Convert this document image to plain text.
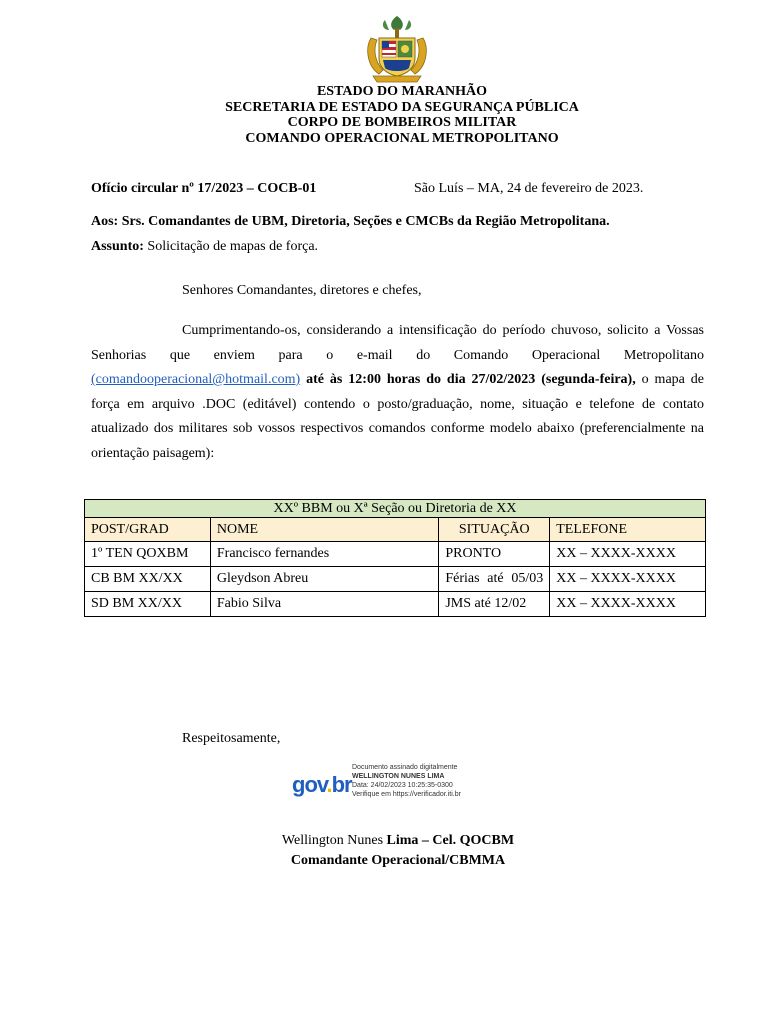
ESTADO DO MARANHÃO
SECRETARIA DE ESTADO DA SEGURANÇA PÚBLICA
CORPO DE BOMBEIROS MILITAR
COMANDO OPERACIONAL METROPOLITANO
Ofício circular nº 17/2023 – COCB-01	São Luís – MA, 24 de fevereiro de 2023.
Aos: Srs. Comandantes de UBM, Diretoria, Seções e CMCBs da Região Metropolitana.
Assunto: Solicitação de mapas de força.
Senhores Comandantes, diretores e chefes,
Cumprimentando-os, considerando a intensificação do período chuvoso, solicito a Vossas Senhorias que enviem para o e-mail do Comando Operacional Metropolitano (comandooperacional@hotmail.com) até às 12:00 horas do dia 27/02/2023 (segunda-feira), o mapa de força em arquivo .DOC (editável) contendo o posto/graduação, nome, situação e telefone de contato atualizado dos militares sob vossos respectivos comandos conforme modelo abaixo (preferencialmente na orientação paisagem):
XXº BBM ou Xª Seção ou Diretoria de XX			
POST/GRAD	NOME	SITUAÇÃO	TELEFONE
1º TEN QOXBM	Francisco fernandes	PRONTO	XX – XXXX-XXXX
CB BM XX/XX	Gleydson Abreu	Férias até 05/03	XX – XXXX-XXXX
SD BM XX/XX	Fabio Silva	JMS até 12/02	XX – XXXX-XXXX
Respeitosamente,
gov.br
Documento assinado digitalmente
WELLINGTON NUNES LIMA
Data: 24/02/2023 10:25:35-0300
Verifique em https://verificador.iti.br
Wellington Nunes Lima – Cel. QOCBM
Comandante Operacional/CBMMA
